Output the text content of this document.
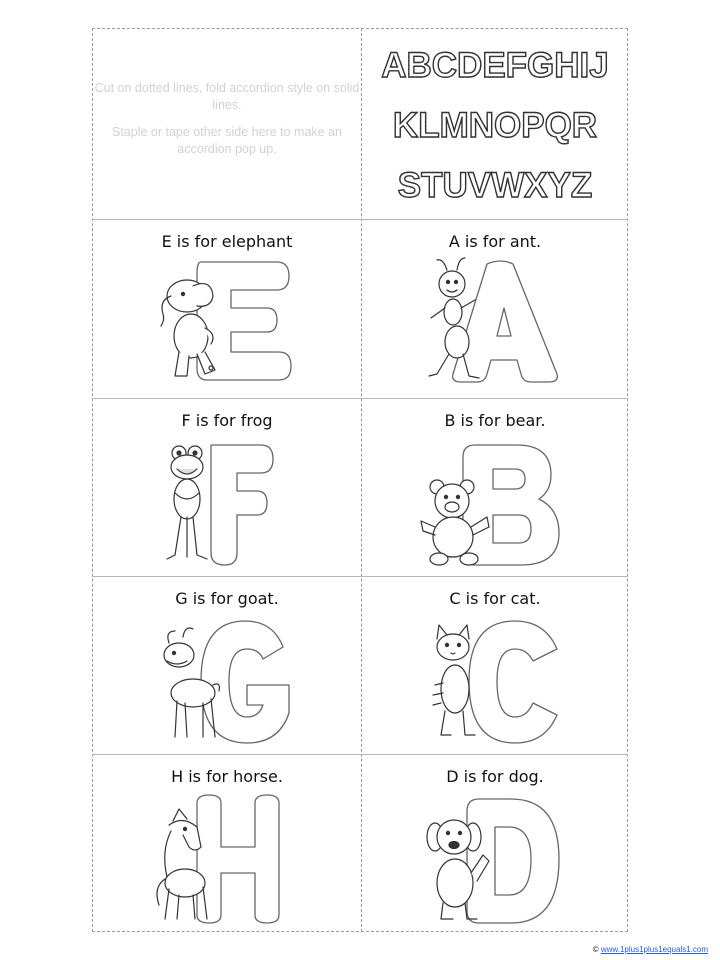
Cut on dotted lines, fold accordion style on solid lines.

Staple or tape other side here to make an accordion pop up.

ABCDEFGHIJ
KLMNOPQR
STUVWXYZ
E is for elephant	A is for ant.
F is for frog	B is for bear.
G is for goat.	C is for cat.
H is for horse.	D is for dog.
© www.1plus1plus1equals1.com
